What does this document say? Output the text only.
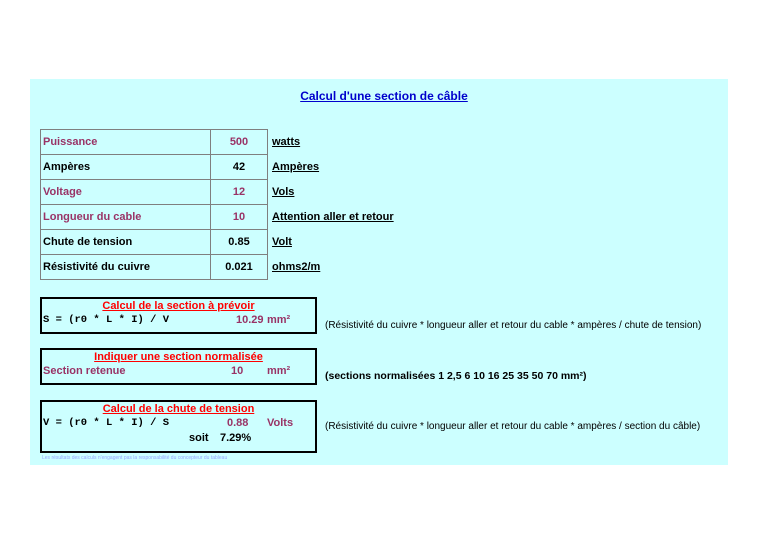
Calcul d'une section de câble
Puissance	500	watts
Ampères	42	Ampères
Voltage	12	Vols
Longueur du cable	10	Attention aller et retour
Chute de tension	0.85	Volt
Résistivité du cuivre	0.021	ohms2/m
Calcul de la section à prévoir
S = (r0 * L * I) / V	10.29 mm²	(Résistivité du cuivre * longueur aller et retour du cable * ampères / chute de tension)
Indiquer une section normalisée
Section retenue	10 mm²	(sections normalisées 1 2,5 6 10 16 25 35 50 70 mm²)
Calcul de la chute de tension
V = (r0 * L * I) / S	0.88 Volts
soit 7.29%
(Résistivité du cuivre * longueur aller et retour du cable * ampères / section du câble)
Les résultats des calculs n'engagent pas la responsabilité du concepteur du tableau
